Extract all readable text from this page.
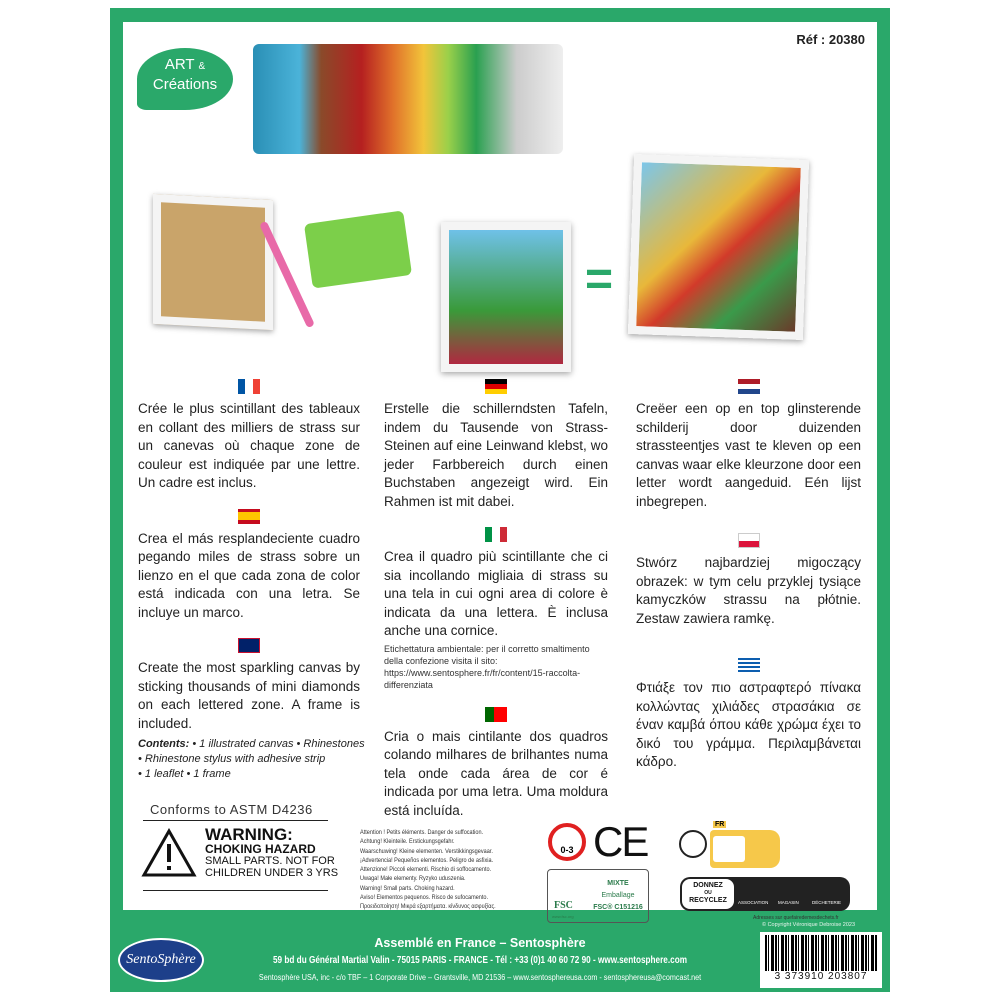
Réf : 20380
ART &
Créations
=

Crée le plus scintillant des tableaux en collant des milliers de strass sur un canevas où chaque zone de couleur est indiquée par une lettre. Un cadre est inclus.

Crea el más resplandeciente cuadro pegando miles de strass sobre un lienzo en el que cada zona de color está indicada con una letra. Se incluye un marco.

Create the most sparkling canvas by sticking thousands of mini diamonds on each lettered zone. A frame is included.

Contents: • 1 illustrated canvas • Rhinestones
• Rhinestone stylus with adhesive strip
• 1 leaflet • 1 frame

Erstelle die schillerndsten Tafeln, indem du Tausende von Strass-Steinen auf eine Leinwand klebst, wo jeder Farbbereich durch einen Buchstaben angezeigt wird. Ein Rahmen ist mit dabei.

Crea il quadro più scintillante che ci sia incollando migliaia di strass su una tela in cui ogni area di colore è indicata da una lettera. È inclusa anche una cornice.

Etichettatura ambientale: per il corretto smaltimento della confezione visita il sito: https://www.sentosphere.fr/fr/content/15-raccolta-differenziata

Cria o mais cintilante dos quadros colando milhares de brilhantes numa tela onde cada área de cor é indicada por uma letra. Uma moldura está incluída.

Creëer een op en top glinsterende schilderij door duizenden strassteentjes vast te kleven op een canvas waar elke kleurzone door een letter wordt aangeduid. Eén lijst inbegrepen.

Stwórz najbardziej migoczący obrazek: w tym celu przyklej tysiące kamyczków strassu na płótnie. Zestaw zawiera ramkę.

Φτιάξε τον πιο αστραφτερό πίνακα κολλώντας χιλιάδες στρασάκια σε έναν καμβά όπου κάθε χρώμα έχει το δικό του γράμμα. Περιλαμβάνεται κάδρο.

Conforms to ASTM D4236
WARNING:
CHOKING HAZARD
SMALL PARTS. NOT FOR
CHILDREN UNDER 3 YRS
Attention ! Petits éléments. Danger de suffocation.
Achtung! Kleinteile. Erstickungsgefahr.
Waarschuwing! Kleine elementen. Verstikkingsgevaar.
¡Advertencia! Pequeños elementos. Peligro de asfixia.
Attenzione! Piccoli elementi. Rischio di soffocamento.
Uwaga! Małe elementy. Ryzyko uduszenia.
Warning! Small parts. Choking hazard.
Aviso! Elementos pequenos. Risco de sufocamento.
Προειδοποίηση! Μικρά εξαρτήματα. κίνδυνος ασφυξίας.
0-3 CE
FSC
www.fsc.org
MIXTE
Emballage
FSC® C151216
FR
DONNEZ
OU
RECYCLEZ	ASSOCIATION MAGASIN	DÉCHETERIE
Adresses sur quefairedemesdechets.fr
SentoSphère
Assemblé en France – Sentosphère
59 bd du Général Martial Valin - 75015 PARIS - FRANCE - Tél : +33 (0)1 40 60 72 90 - www.sentosphere.com
Sentosphère USA, inc - c/o TBF – 1 Corporate Drive – Grantsville, MD 21536 – www.sentosphereusa.com - sentosphereusa@comcast.net
© Copyright Véronique Debroise 2023
3 373910 203807
